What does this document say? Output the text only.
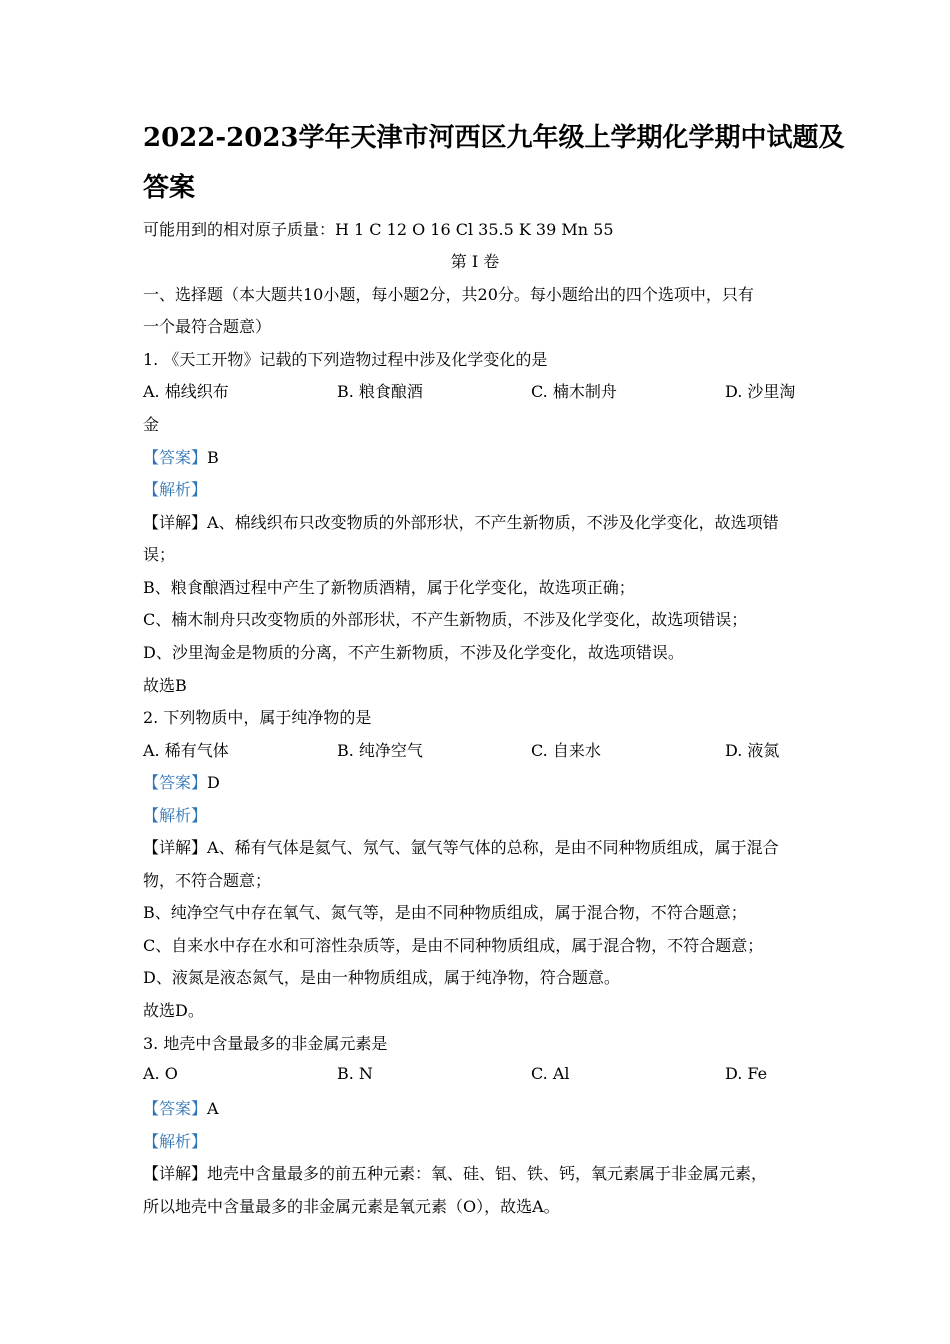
2022-2023学年天津市河西区九年级上学期化学期中试题及
答案
可能用到的相对原子质量：H 1 C 12 O 16 Cl 35.5 K 39 Mn 55
第 Ⅰ 卷
一、选择题（本大题共10小题，每小题2分，共20分。每小题给出的四个选项中，只有
一个最符合题意）
1. 《天工开物》记载的下列造物过程中涉及化学变化的是
A. 棉线织布	B. 粮食酿酒	C. 楠木制舟	D. 沙里淘
金
【答案】B
【解析】
【详解】A、棉线织布只改变物质的外部形状，不产生新物质，不涉及化学变化，故选项错
误；
B、粮食酿酒过程中产生了新物质酒精，属于化学变化，故选项正确；
C、楠木制舟只改变物质的外部形状，不产生新物质，不涉及化学变化，故选项错误；
D、沙里淘金是物质的分离，不产生新物质，不涉及化学变化，故选项错误。
故选B
2. 下列物质中，属于纯净物的是
A. 稀有气体	B. 纯净空气	C. 自来水	D. 液氮
【答案】D
【解析】
【详解】A、稀有气体是氦气、氖气、氩气等气体的总称，是由不同种物质组成，属于混合
物，不符合题意；
B、纯净空气中存在氧气、氮气等，是由不同种物质组成，属于混合物，不符合题意；
C、自来水中存在水和可溶性杂质等，是由不同种物质组成，属于混合物，不符合题意；
D、液氮是液态氮气，是由一种物质组成，属于纯净物，符合题意。
故选D。
3. 地壳中含量最多的非金属元素是
A. O	B. N	C. Al	D. Fe
【答案】A
【解析】
【详解】地壳中含量最多的前五种元素：氧、硅、铝、铁、钙，氧元素属于非金属元素，
所以地壳中含量最多的非金属元素是氧元素（O），故选A。
